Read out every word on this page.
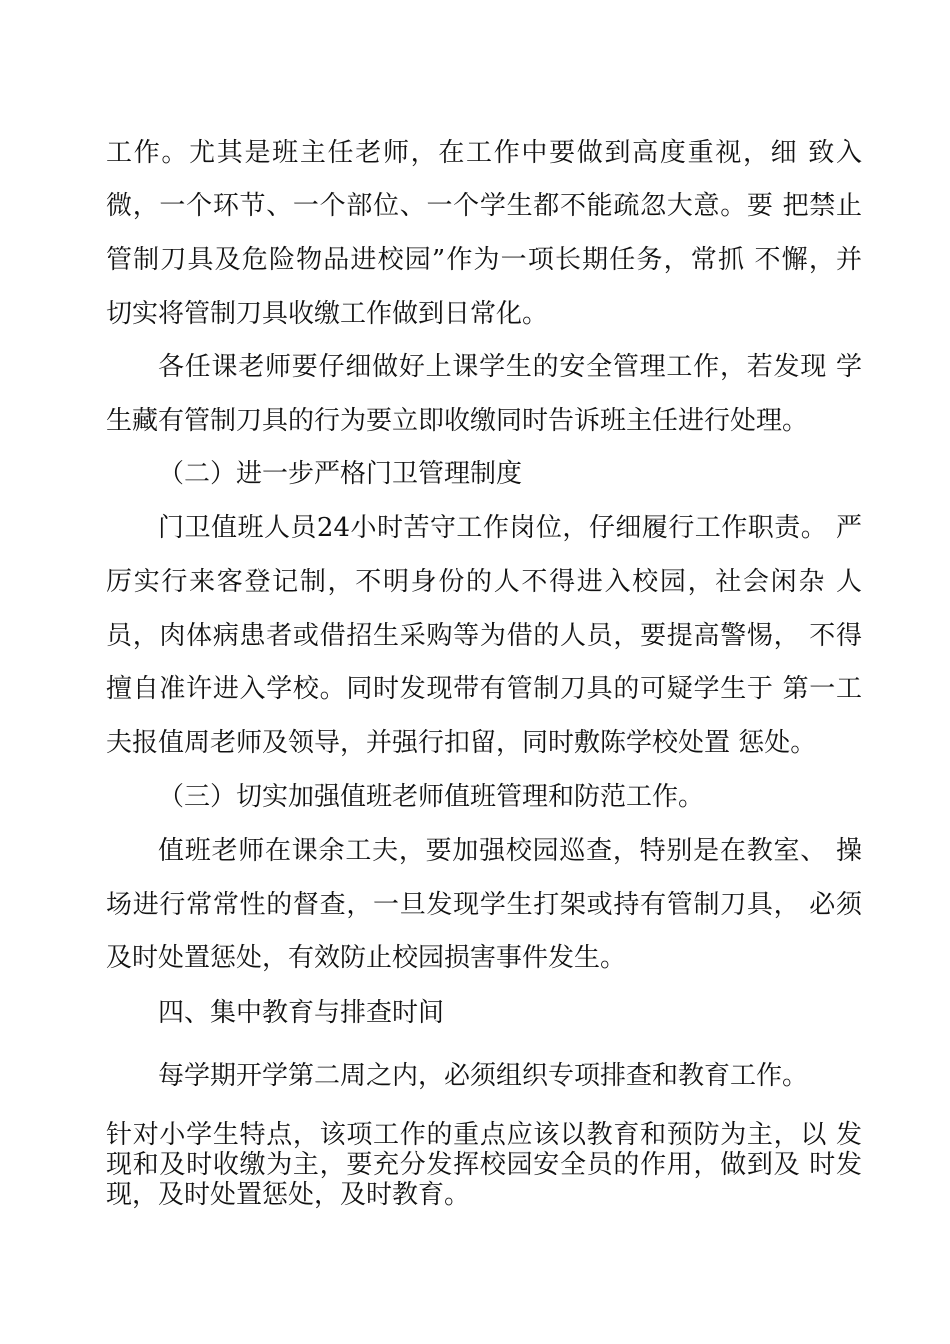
工作。尤其是班主任老师，在工作中要做到高度重视，细 致入
微，一个环节、一个部位、一个学生都不能疏忽大意。要 把禁止
管制刀具及危险物品进校园”作为一项长期任务，常抓 不懈，并
切实将管制刀具收缴工作做到日常化。
各任课老师要仔细做好上课学生的安全管理工作，若发现 学
生藏有管制刀具的行为要立即收缴同时告诉班主任进行处理。
（二）进一步严格门卫管理制度
门卫值班人员24小时苦守工作岗位，仔细履行工作职责。 严
厉实行来客登记制，不明身份的人不得进入校园，社会闲杂 人
员，肉体病患者或借招生采购等为借的人员，要提高警惕， 不得
擅自准许进入学校。同时发现带有管制刀具的可疑学生于 第一工
夫报值周老师及领导，并强行扣留，同时敷陈学校处置 惩处。
（三）切实加强值班老师值班管理和防范工作。
值班老师在课余工夫，要加强校园巡查，特别是在教室、 操
场进行常常性的督查，一旦发现学生打架或持有管制刀具， 必须
及时处置惩处，有效防止校园损害事件发生。
四、集中教育与排查时间
每学期开学第二周之内，必须组织专项排查和教育工作。
针对小学生特点，该项工作的重点应该以教育和预防为主，以 发
现和及时收缴为主，要充分发挥校园安全员的作用，做到及 时发
现，及时处置惩处，及时教育。
